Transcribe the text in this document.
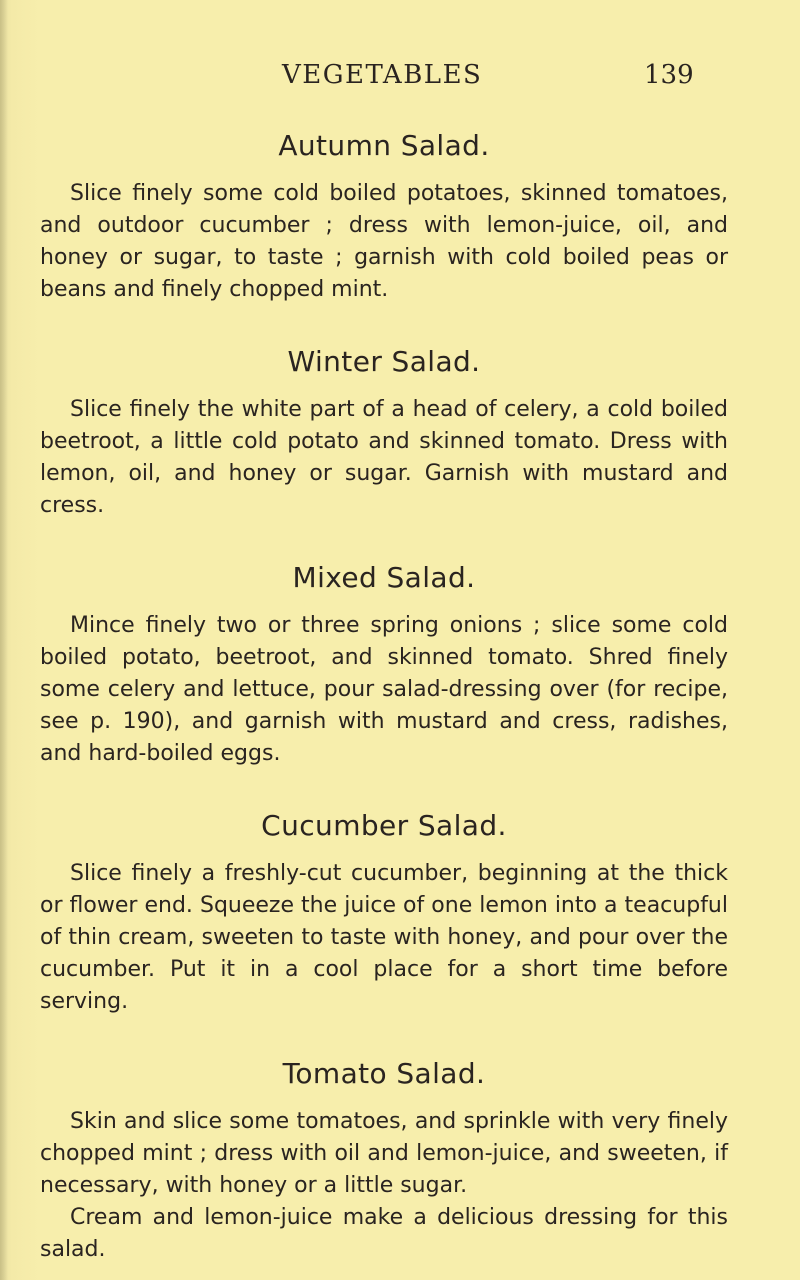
VEGETABLES	139
Autumn Salad.

Slice finely some cold boiled potatoes, skinned tomatoes, and outdoor cucumber ; dress with lemon-juice, oil, and honey or sugar, to taste ; garnish with cold boiled peas or beans and finely chopped mint.

Winter Salad.

Slice finely the white part of a head of celery, a cold boiled beetroot, a little cold potato and skinned tomato. Dress with lemon, oil, and honey or sugar. Garnish with mustard and cress.

Mixed Salad.

Mince finely two or three spring onions ; slice some cold boiled potato, beetroot, and skinned tomato. Shred finely some celery and lettuce, pour salad-dressing over (for recipe, see p. 190), and garnish with mustard and cress, radishes, and hard-boiled eggs.

Cucumber Salad.

Slice finely a freshly-cut cucumber, beginning at the thick or flower end. Squeeze the juice of one lemon into a teacupful of thin cream, sweeten to taste with honey, and pour over the cucumber. Put it in a cool place for a short time before serving.

Tomato Salad.

Skin and slice some tomatoes, and sprinkle with very finely chopped mint ; dress with oil and lemon-juice, and sweeten, if necessary, with honey or a little sugar.

Cream and lemon-juice make a delicious dressing for this salad.
